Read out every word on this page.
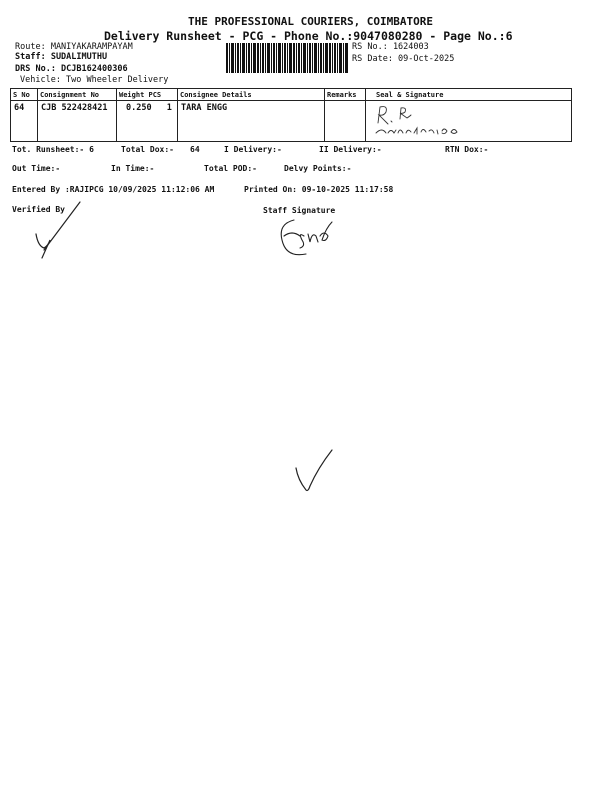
THE PROFESSIONAL COURIERS, COIMBATORE
Delivery Runsheet - PCG - Phone No.:9047080280 - Page No.:6
Route: MANIYAKARAMPAYAM
Staff: SUDALIMUTHU
DRS No.: DCJB162400306
Vehicle: Two Wheeler Delivery
RS No.: 1624003
RS Date: 09-Oct-2025
S No	Consignment No	Weight PCS	Consignee Details	Remarks	Seal & Signature
64	CJB 522428421	0.250 1	TARA ENGG		
Tot. Runsheet:- 6	Total Dox:- 64	I Delivery:-	II Delivery:-	RTN Dox:-
Out Time:-	In Time:-	Total POD:-	Delvy Points:-
Entered By :RAJIPCG 10/09/2025 11:12:06 AM	Printed On: 09-10-2025 11:17:58
Verified By	Staff Signature
